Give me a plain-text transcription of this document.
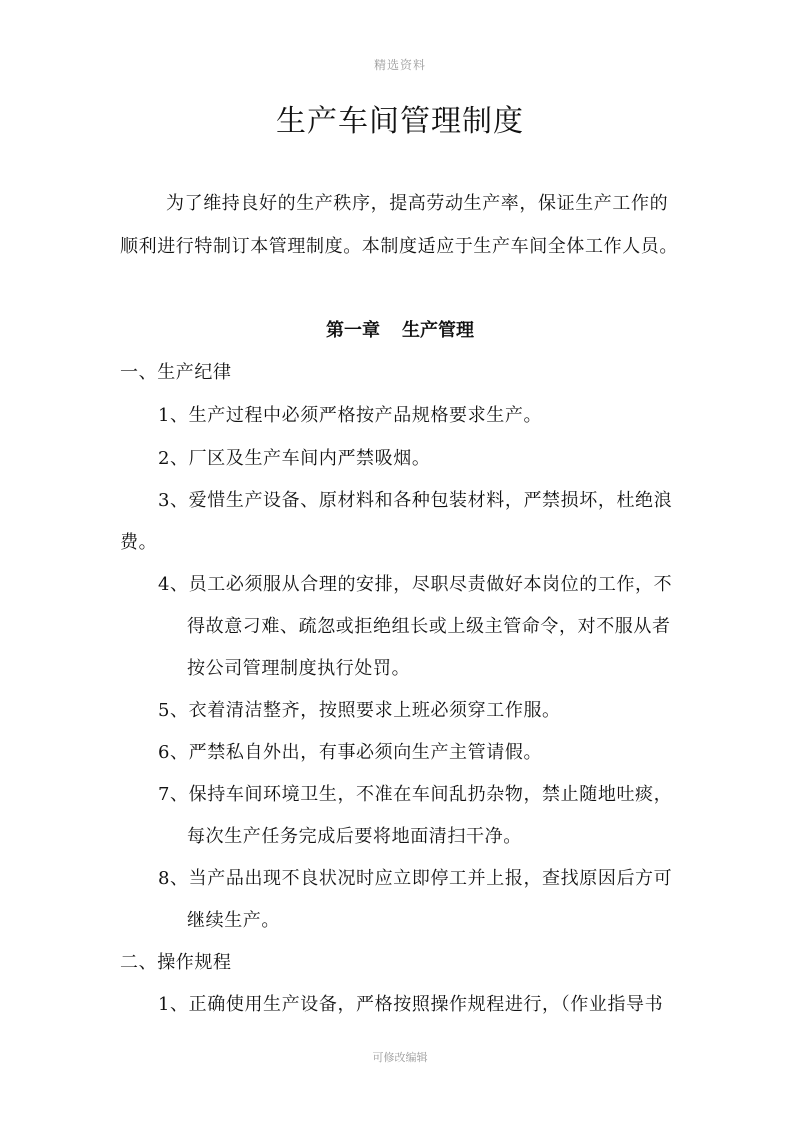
精选资料
生产车间管理制度
为了维持良好的生产秩序，提高劳动生产率，保证生产工作的
顺利进行特制订本管理制度。本制度适应于生产车间全体工作人员。
第一章 生产管理
一、生产纪律
1、生产过程中必须严格按产品规格要求生产。
2、厂区及生产车间内严禁吸烟。
3、爱惜生产设备、原材料和各种包装材料，严禁损坏，杜绝浪
费。
4、员工必须服从合理的安排，尽职尽责做好本岗位的工作，不
得故意刁难、疏忽或拒绝组长或上级主管命令，对不服从者
按公司管理制度执行处罚。
5、衣着清洁整齐，按照要求上班必须穿工作服。
6、严禁私自外出，有事必须向生产主管请假。
7、保持车间环境卫生，不准在车间乱扔杂物，禁止随地吐痰，
每次生产任务完成后要将地面清扫干净。
8、当产品出现不良状况时应立即停工并上报，查找原因后方可
继续生产。
二、操作规程
1、正确使用生产设备，严格按照操作规程进行，（作业指导书
可修改编辑
